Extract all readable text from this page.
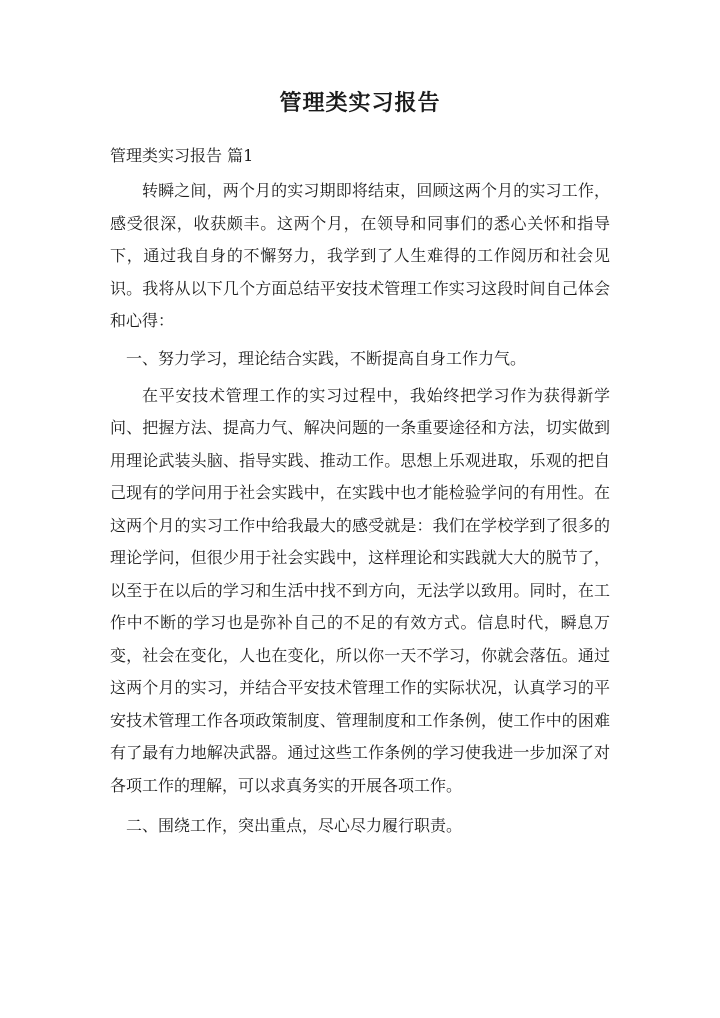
管理类实习报告
管理类实习报告 篇1

转瞬之间，两个月的实习期即将结束，回顾这两个月的实习工作，感受很深，收获颇丰。这两个月，在领导和同事们的悉心关怀和指导下，通过我自身的不懈努力，我学到了人生难得的工作阅历和社会见识。我将从以下几个方面总结平安技术管理工作实习这段时间自己体会和心得：

一、努力学习，理论结合实践，不断提高自身工作力气。

在平安技术管理工作的实习过程中，我始终把学习作为获得新学问、把握方法、提高力气、解决问题的一条重要途径和方法，切实做到用理论武装头脑、指导实践、推动工作。思想上乐观进取，乐观的把自己现有的学问用于社会实践中，在实践中也才能检验学问的有用性。在这两个月的实习工作中给我最大的感受就是：我们在学校学到了很多的理论学问，但很少用于社会实践中，这样理论和实践就大大的脱节了，以至于在以后的学习和生活中找不到方向，无法学以致用。同时，在工作中不断的学习也是弥补自己的不足的有效方式。信息时代，瞬息万变，社会在变化，人也在变化，所以你一天不学习，你就会落伍。通过这两个月的实习，并结合平安技术管理工作的实际状况，认真学习的平安技术管理工作各项政策制度、管理制度和工作条例，使工作中的困难有了最有力地解决武器。通过这些工作条例的学习使我进一步加深了对各项工作的理解，可以求真务实的开展各项工作。

二、围绕工作，突出重点，尽心尽力履行职责。
